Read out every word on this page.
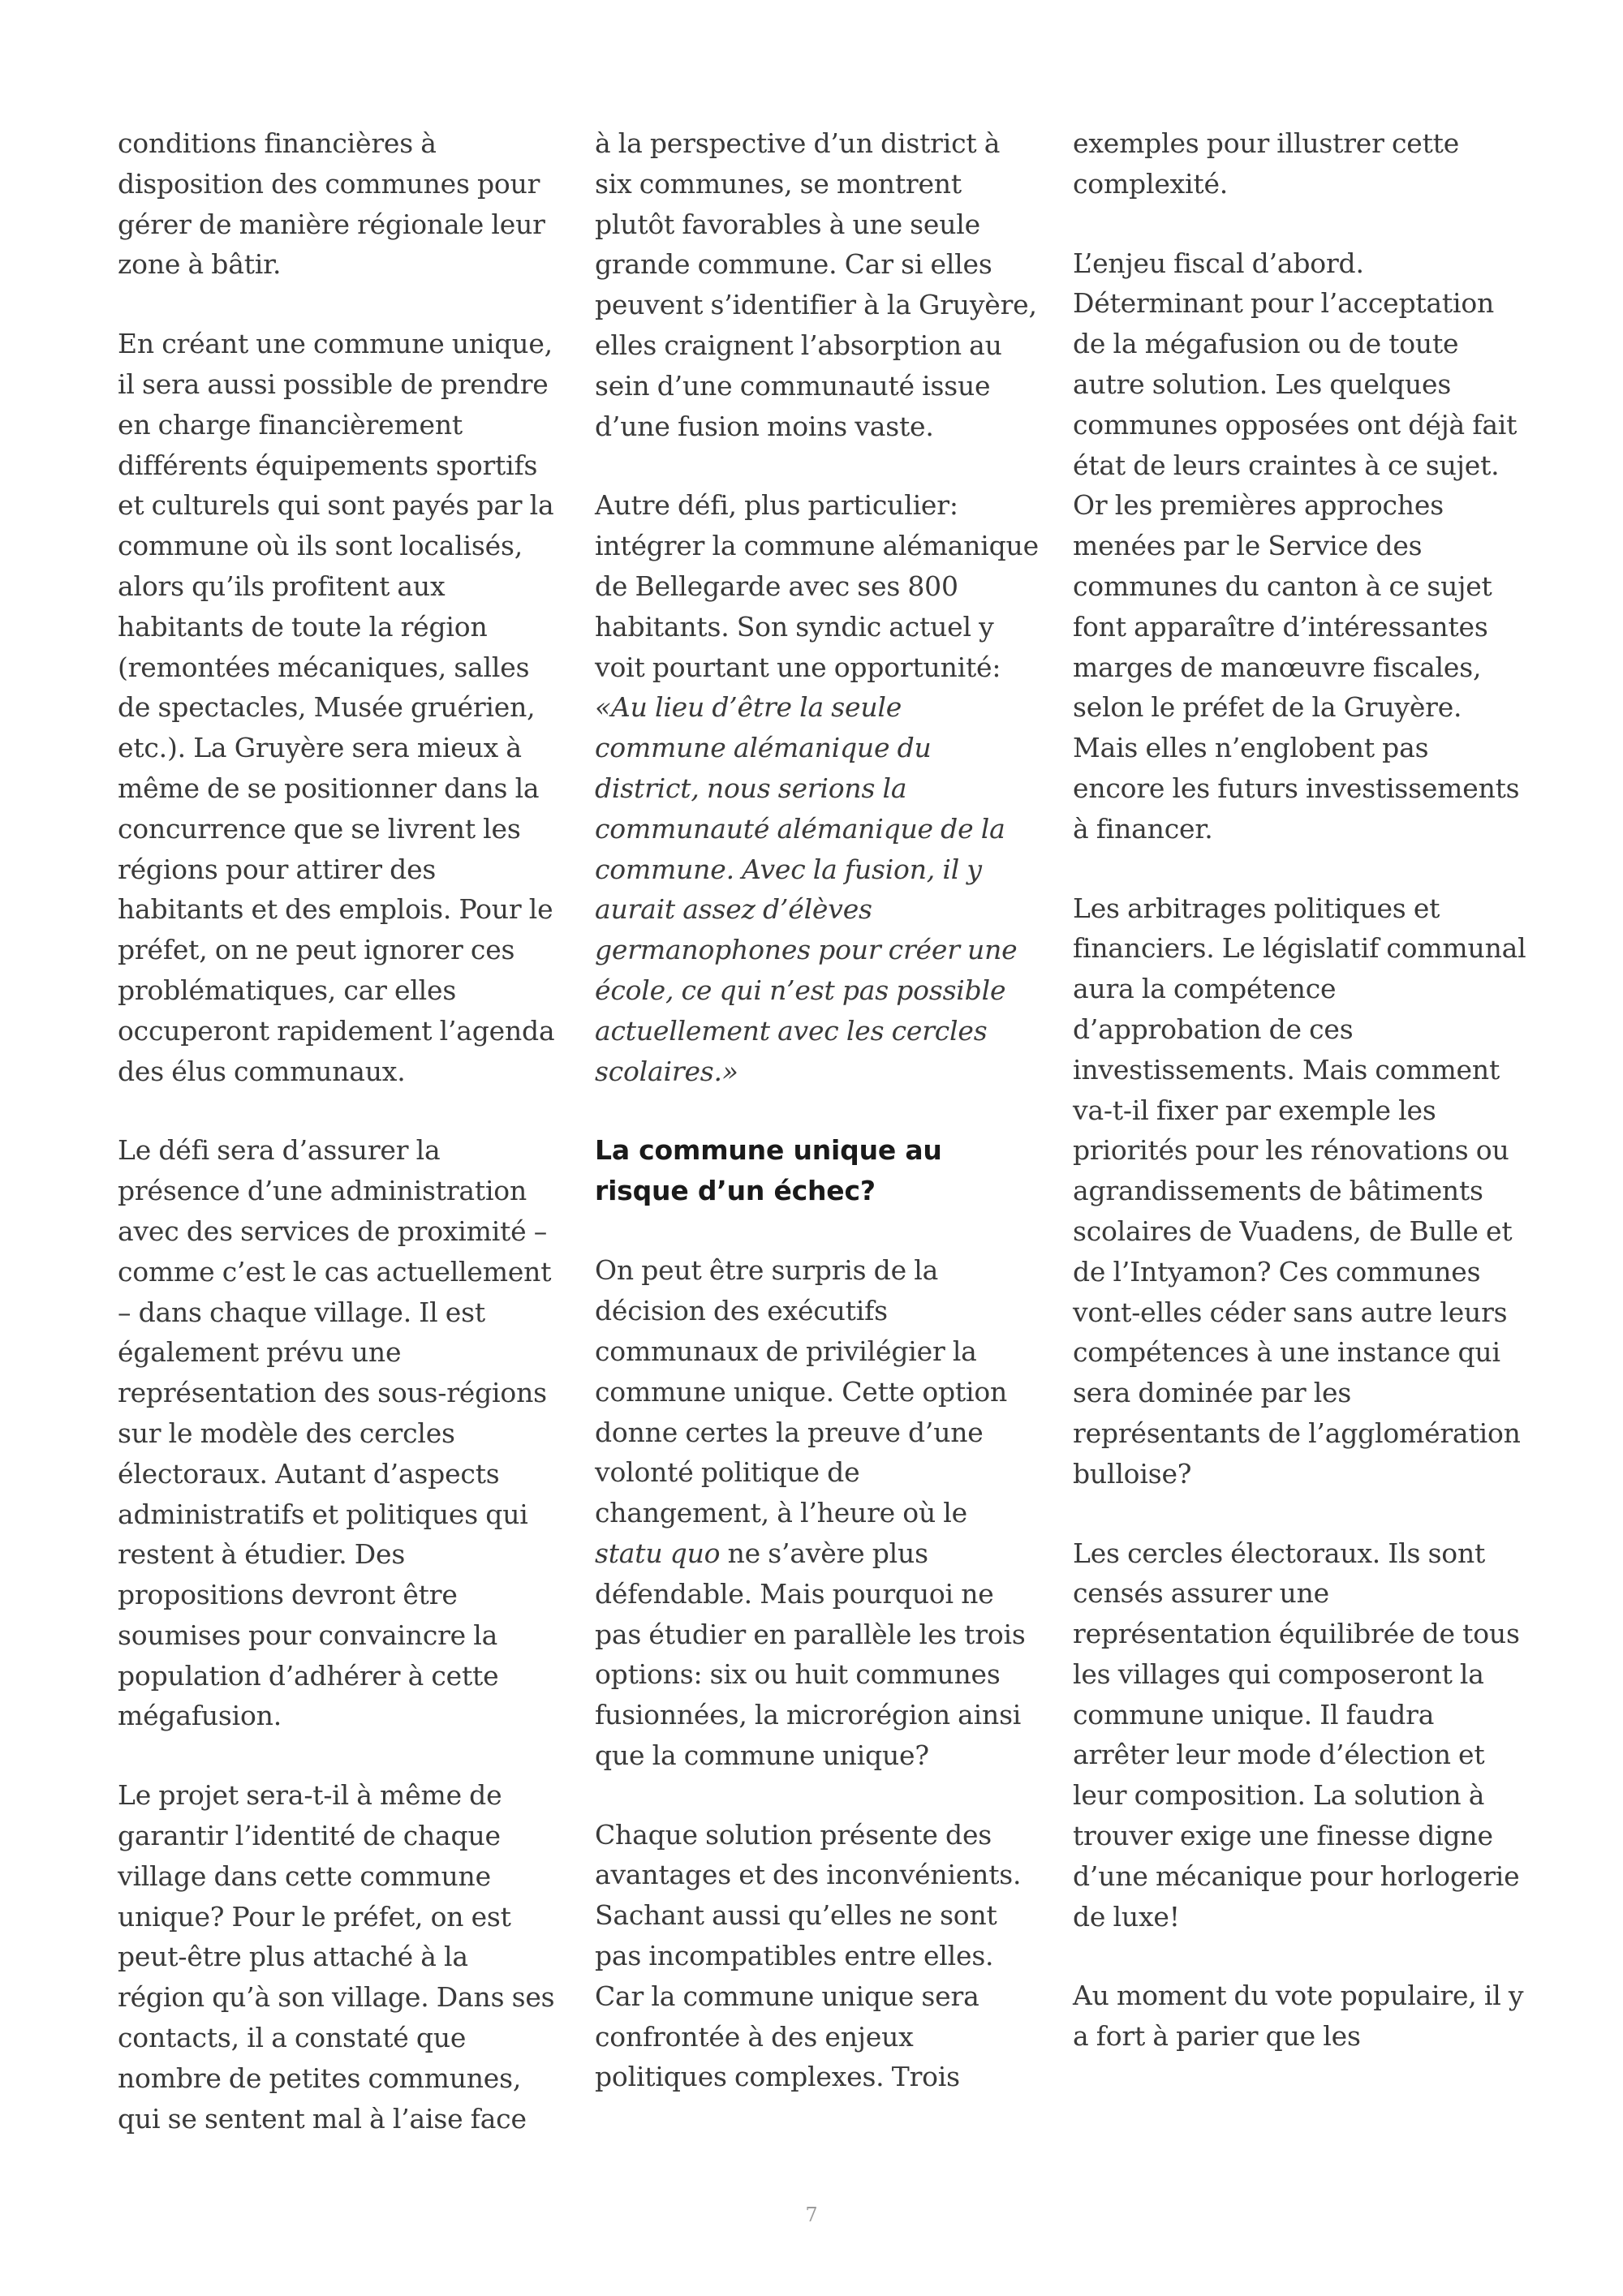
conditions financières à disposition des communes pour gérer de manière régionale leur zone à bâtir.

En créant une commune unique, il sera aussi possible de prendre en charge financièrement différents équipements sportifs et culturels qui sont payés par la commune où ils sont localisés, alors qu’ils profitent aux habitants de toute la région (remontées mécaniques, salles de spectacles, Musée gruérien, etc.). La Gruyère sera mieux à même de se positionner dans la concurrence que se livrent les régions pour attirer des habitants et des emplois. Pour le préfet, on ne peut ignorer ces problématiques, car elles occuperont rapidement l’agenda des élus communaux.

Le défi sera d’assurer la présence d’une administration avec des services de proximité – comme c’est le cas actuellement – dans chaque village. Il est également prévu une représentation des sous-régions sur le modèle des cercles électoraux. Autant d’aspects administratifs et politiques qui restent à étudier. Des propositions devront être soumises pour convaincre la population d’adhérer à cette mégafusion.

Le projet sera-t-il à même de garantir l’identité de chaque village dans cette commune unique? Pour le préfet, on est peut-être plus attaché à la région qu’à son village. Dans ses contacts, il a constaté que nombre de petites communes, qui se sentent mal à l’aise face

à la perspective d’un district à six communes, se montrent plutôt favorables à une seule grande commune. Car si elles peuvent s’identifier à la Gruyère, elles craignent l’absorption au sein d’une communauté issue d’une fusion moins vaste.

Autre défi, plus particulier: intégrer la commune alémanique de Bellegarde avec ses 800 habitants. Son syndic actuel y voit pourtant une opportunité: «Au lieu d’être la seule commune alémanique du district, nous serions la communauté alémanique de la commune. Avec la fusion, il y aurait assez d’élèves germanophones pour créer une école, ce qui n’est pas possible actuellement avec les cercles scolaires.»

La commune unique au risque d’un échec?

On peut être surpris de la décision des exécutifs communaux de privilégier la commune unique. Cette option donne certes la preuve d’une volonté politique de changement, à l’heure où le statu quo ne s’avère plus défendable. Mais pourquoi ne pas étudier en parallèle les trois options: six ou huit communes fusionnées, la microrégion ainsi que la commune unique?

Chaque solution présente des avantages et des inconvénients. Sachant aussi qu’elles ne sont pas incompatibles entre elles. Car la commune unique sera confrontée à des enjeux politiques complexes. Trois

exemples pour illustrer cette complexité.

L’enjeu fiscal d’abord. Déterminant pour l’acceptation de la mégafusion ou de toute autre solution. Les quelques communes opposées ont déjà fait état de leurs craintes à ce sujet. Or les premières approches menées par le Service des communes du canton à ce sujet font apparaître d’intéressantes marges de manœuvre fiscales, selon le préfet de la Gruyère. Mais elles n’englobent pas encore les futurs investissements à financer.

Les arbitrages politiques et financiers. Le législatif communal aura la compétence d’approbation de ces investissements. Mais comment va-t-il fixer par exemple les priorités pour les rénovations ou agrandissements de bâtiments scolaires de Vuadens, de Bulle et de l’Intyamon? Ces communes vont-elles céder sans autre leurs compétences à une instance qui sera dominée par les représentants de l’agglomération bulloise?

Les cercles électoraux. Ils sont censés assurer une représentation équilibrée de tous les villages qui composeront la commune unique. Il faudra arrêter leur mode d’élection et leur composition. La solution à trouver exige une finesse digne d’une mécanique pour horlogerie de luxe!

Au moment du vote populaire, il y a fort à parier que les

7
